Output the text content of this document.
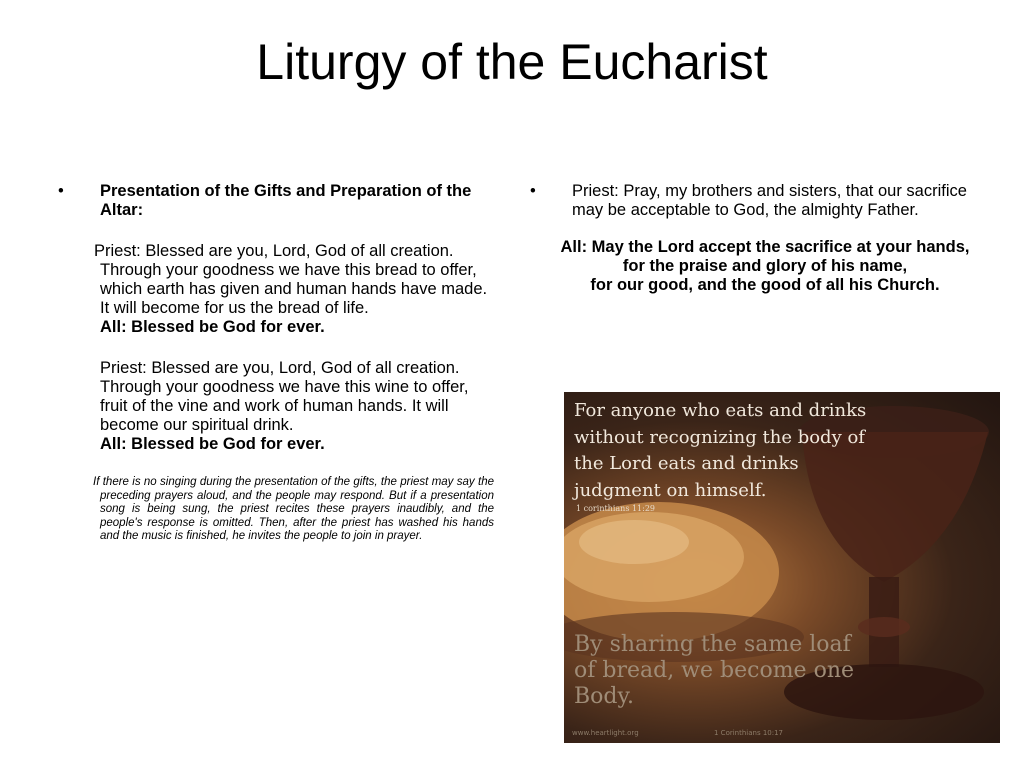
Liturgy of the Eucharist
• Presentation of the Gifts and Preparation of the Altar:

Priest: Blessed are you, Lord, God of all creation. Through your goodness we have this bread to offer, which earth has given and human hands have made. It will become for us the bread of life.

All: Blessed be God for ever.

Priest: Blessed are you, Lord, God of all creation. Through your goodness we have this wine to offer, fruit of the vine and work of human hands. It will become our spiritual drink.

All: Blessed be God for ever.

If there is no singing during the presentation of the gifts, the priest may say the preceding prayers aloud, and the people may respond. But if a presentation song is being sung, the priest recites these prayers inaudibly, and the people's response is omitted. Then, after the priest has washed his hands and the music is finished, he invites the people to join in prayer.

• Priest: Pray, my brothers and sisters, that our sacrifice
may be acceptable to God, the almighty Father.
All: May the Lord accept the sacrifice at your hands,
for the praise and glory of his name,
for our good, and the good of all his Church.
For anyone who eats and drinks without recognizing the body of the Lord eats and drinks judgment on himself.
1 corinthians 11:29
By sharing the same loaf of bread, we become one Body.
www.heartlight.org	1 Corinthians 10:17
